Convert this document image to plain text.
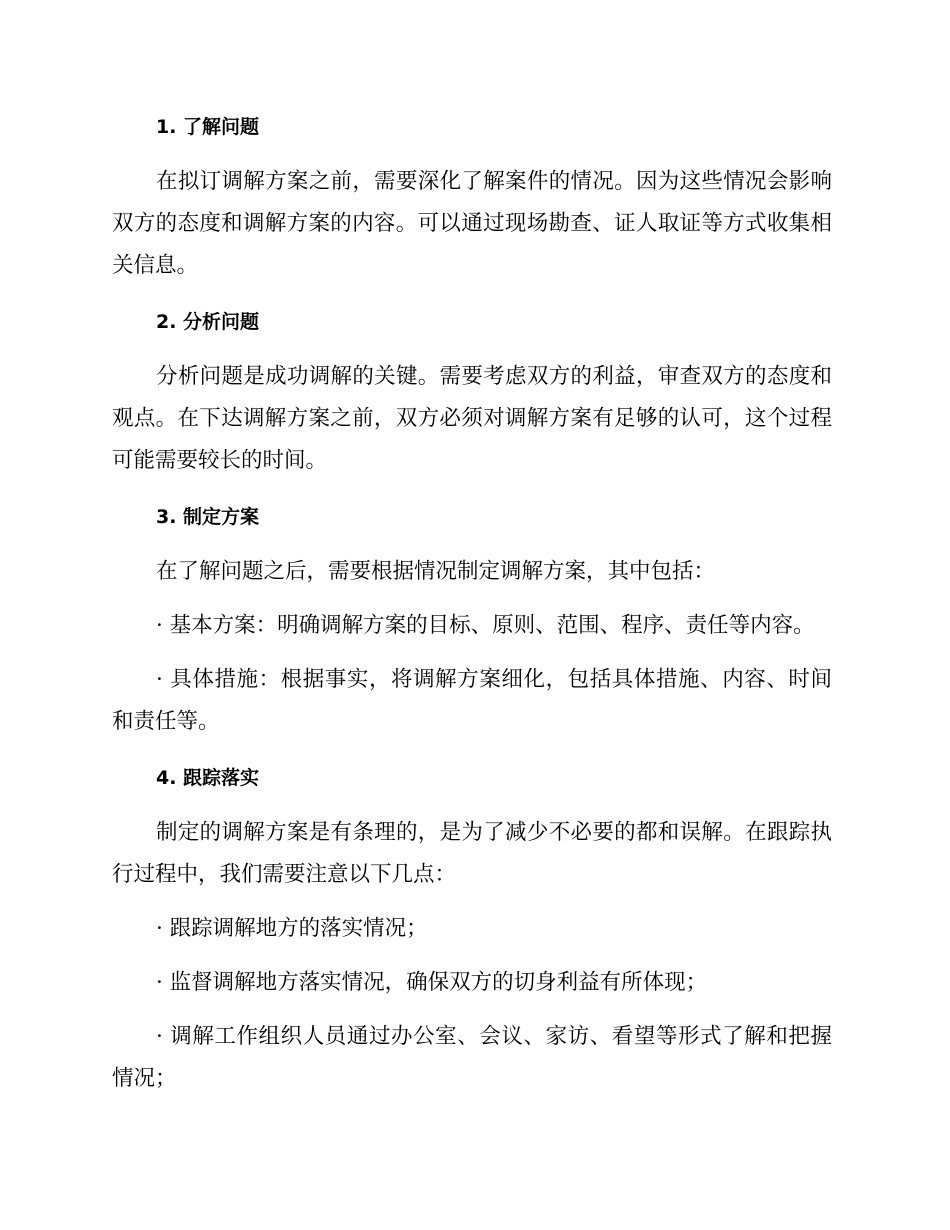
1. 了解问题

在拟订调解方案之前，需要深化了解案件的情况。因为这些情况会影响双方的态度和调解方案的内容。可以通过现场勘查、证人取证等方式收集相关信息。

2. 分析问题

分析问题是成功调解的关键。需要考虑双方的利益，审查双方的态度和观点。在下达调解方案之前，双方必须对调解方案有足够的认可，这个过程可能需要较长的时间。

3. 制定方案

在了解问题之后，需要根据情况制定调解方案，其中包括：

· 基本方案：明确调解方案的目标、原则、范围、程序、责任等内容。

· 具体措施：根据事实，将调解方案细化，包括具体措施、内容、时间和责任等。

4. 跟踪落实

制定的调解方案是有条理的，是为了减少不必要的都和误解。在跟踪执行过程中，我们需要注意以下几点：

· 跟踪调解地方的落实情况；

· 监督调解地方落实情况，确保双方的切身利益有所体现；

· 调解工作组织人员通过办公室、会议、家访、看望等形式了解和把握情况；
